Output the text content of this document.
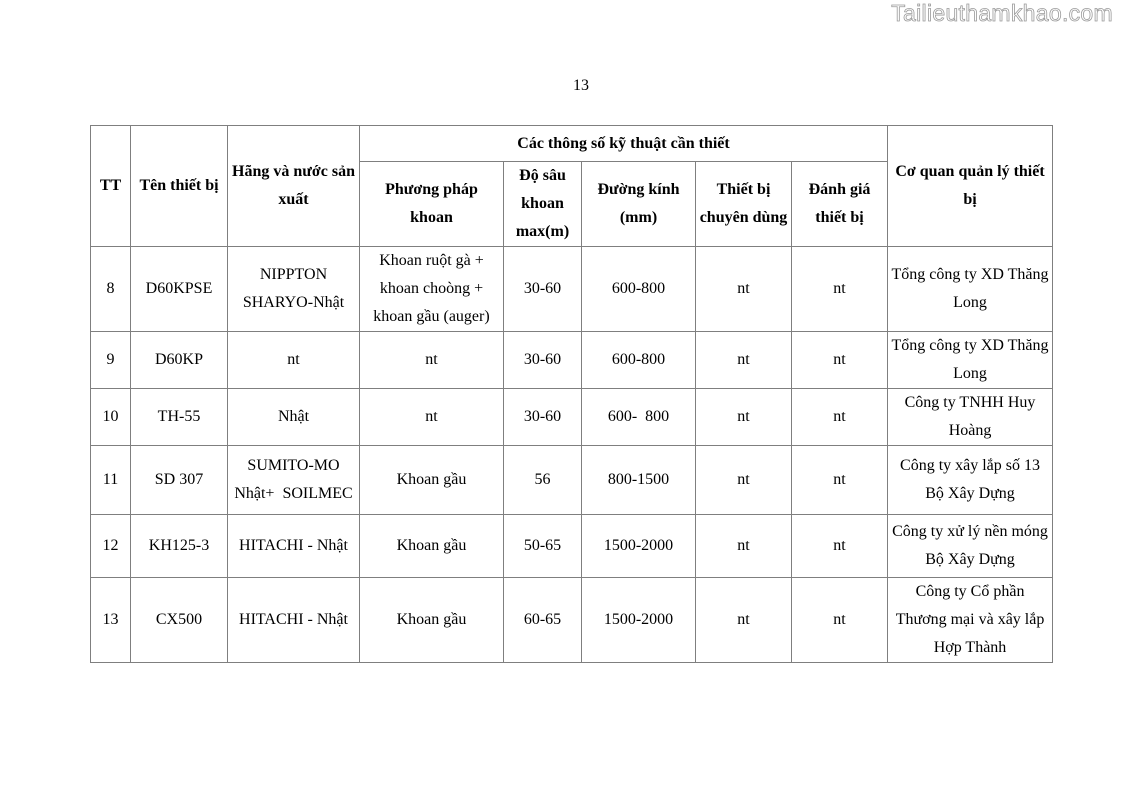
Tailieuthamkhao.com
13
TT	Tên thiết bị	Hãng và nước sản xuất	Các thông số kỹ thuật cần thiết					Cơ quan quản lý thiết bị
			Phương pháp khoan	Độ sâu khoan max(m)	Đường kính (mm)	Thiết bị chuyên dùng	Đánh giá thiết bị	
8	D60KPSE	NIPPTON SHARYO-Nhật	Khoan ruột gà + khoan choòng + khoan gầu (auger)	30-60	600-800	nt	nt	Tổng công ty XD Thăng Long
9	D60KP	nt	nt	30-60	600-800	nt	nt	Tổng công ty XD Thăng Long
10	TH-55	Nhật	nt	30-60	600-  800	nt	nt	Công ty TNHH Huy Hoàng
11	SD 307	SUMITO-MO Nhật+  SOILMEC	Khoan gầu	56	800-1500	nt	nt	Công ty xây lắp số 13 Bộ Xây Dựng
12	KH125-3	HITACHI - Nhật	Khoan gầu	50-65	1500-2000	nt	nt	Công ty xử lý nền móng Bộ Xây Dựng
13	CX500	HITACHI - Nhật	Khoan gầu	60-65	1500-2000	nt	nt	Công ty Cổ phần Thương mại và xây lắp Hợp Thành
